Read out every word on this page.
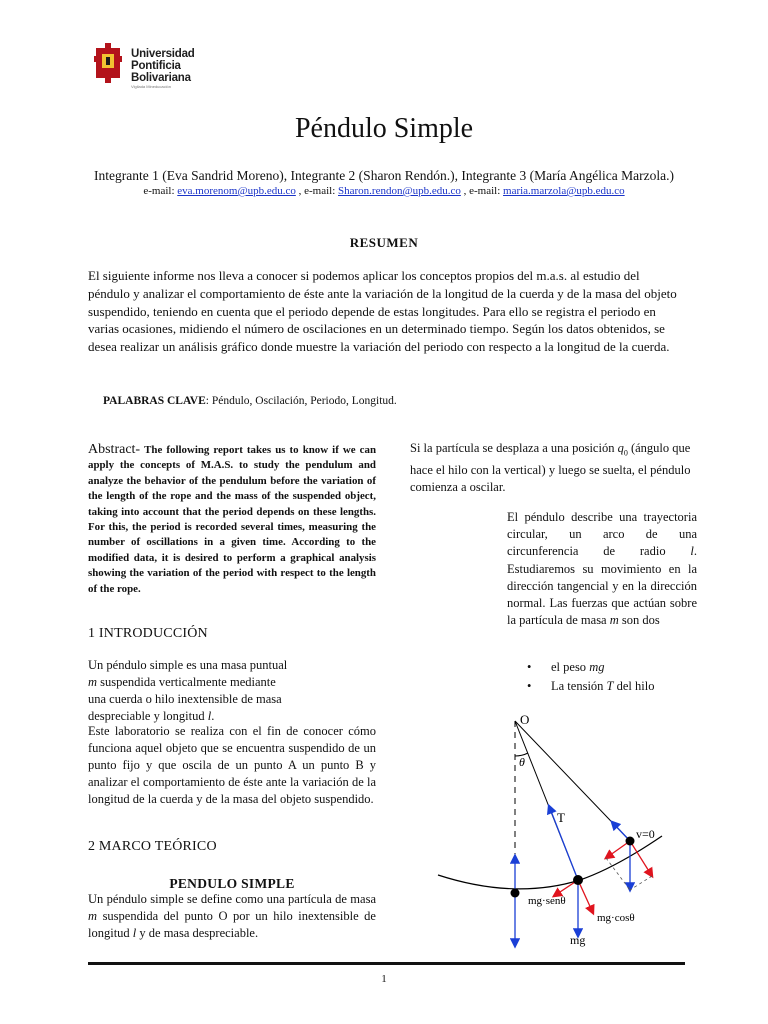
Universidad
Pontificia
Bolivariana
Vigilada Mineducación
Péndulo Simple
Integrante 1 (Eva Sandrid Moreno), Integrante 2 (Sharon Rendón.), Integrante 3 (María Angélica Marzola.)
e-mail: eva.morenom@upb.edu.co , e-mail: Sharon.rendon@upb.edu.co , e-mail: maria.marzola@upb.edu.co
RESUMEN
El siguiente informe nos lleva a conocer si podemos aplicar los conceptos propios del m.a.s. al estudio del péndulo y analizar el comportamiento de éste ante la variación de la longitud de la cuerda y de la masa del objeto suspendido, teniendo en cuenta que el periodo depende de estas longitudes. Para ello se registra el periodo en varias ocasiones, midiendo el número de oscilaciones en un determinado tiempo. Según los datos obtenidos, se desea realizar un análisis gráfico donde muestre la variación del periodo con respecto a la longitud de la cuerda.
PALABRAS CLAVE: Péndulo, Oscilación, Periodo, Longitud.
Abstract- The following report takes us to know if we can apply the concepts of M.A.S. to study the pendulum and analyze the behavior of the pendulum before the variation of the length of the rope and the mass of the suspended object, taking into account that the period depends on these lengths. For this, the period is recorded several times, measuring the number of oscillations in a given time. According to the modified data, it is desired to perform a graphical analysis showing the variation of the period with respect to the length of the rope.
1 INTRODUCCIÓN
Un péndulo simple es una masa puntual m suspendida verticalmente mediante una cuerda o hilo inextensible de masa despreciable y longitud l.
Este laboratorio se realiza con el fin de conocer cómo funciona aquel objeto que se encuentra suspendido de un punto fijo y que oscila de un punto A un punto B y analizar el comportamiento de éste ante la variación de la longitud de la cuerda y de la masa del objeto suspendido.
2 MARCO TEÓRICO
PENDULO SIMPLE
Un péndulo simple se define como una partícula de masa m suspendida del punto O por un hilo inextensible de longitud l y de masa despreciable.
Si la partícula se desplaza a una posición $q_0$ (ángulo que hace el hilo con la vertical) y luego se suelta, el péndulo comienza a oscilar.
El péndulo describe una trayectoria circular, un arco de una circunferencia de radio l. Estudiaremos su movimiento en la dirección tangencial y en la dirección normal. Las fuerzas que actúan sobre la partícula de masa m son dos
• el peso mg
• La tensión T del hilo
O
θ
T
v=0
mg·senθ
mg·cosθ
mg
1
